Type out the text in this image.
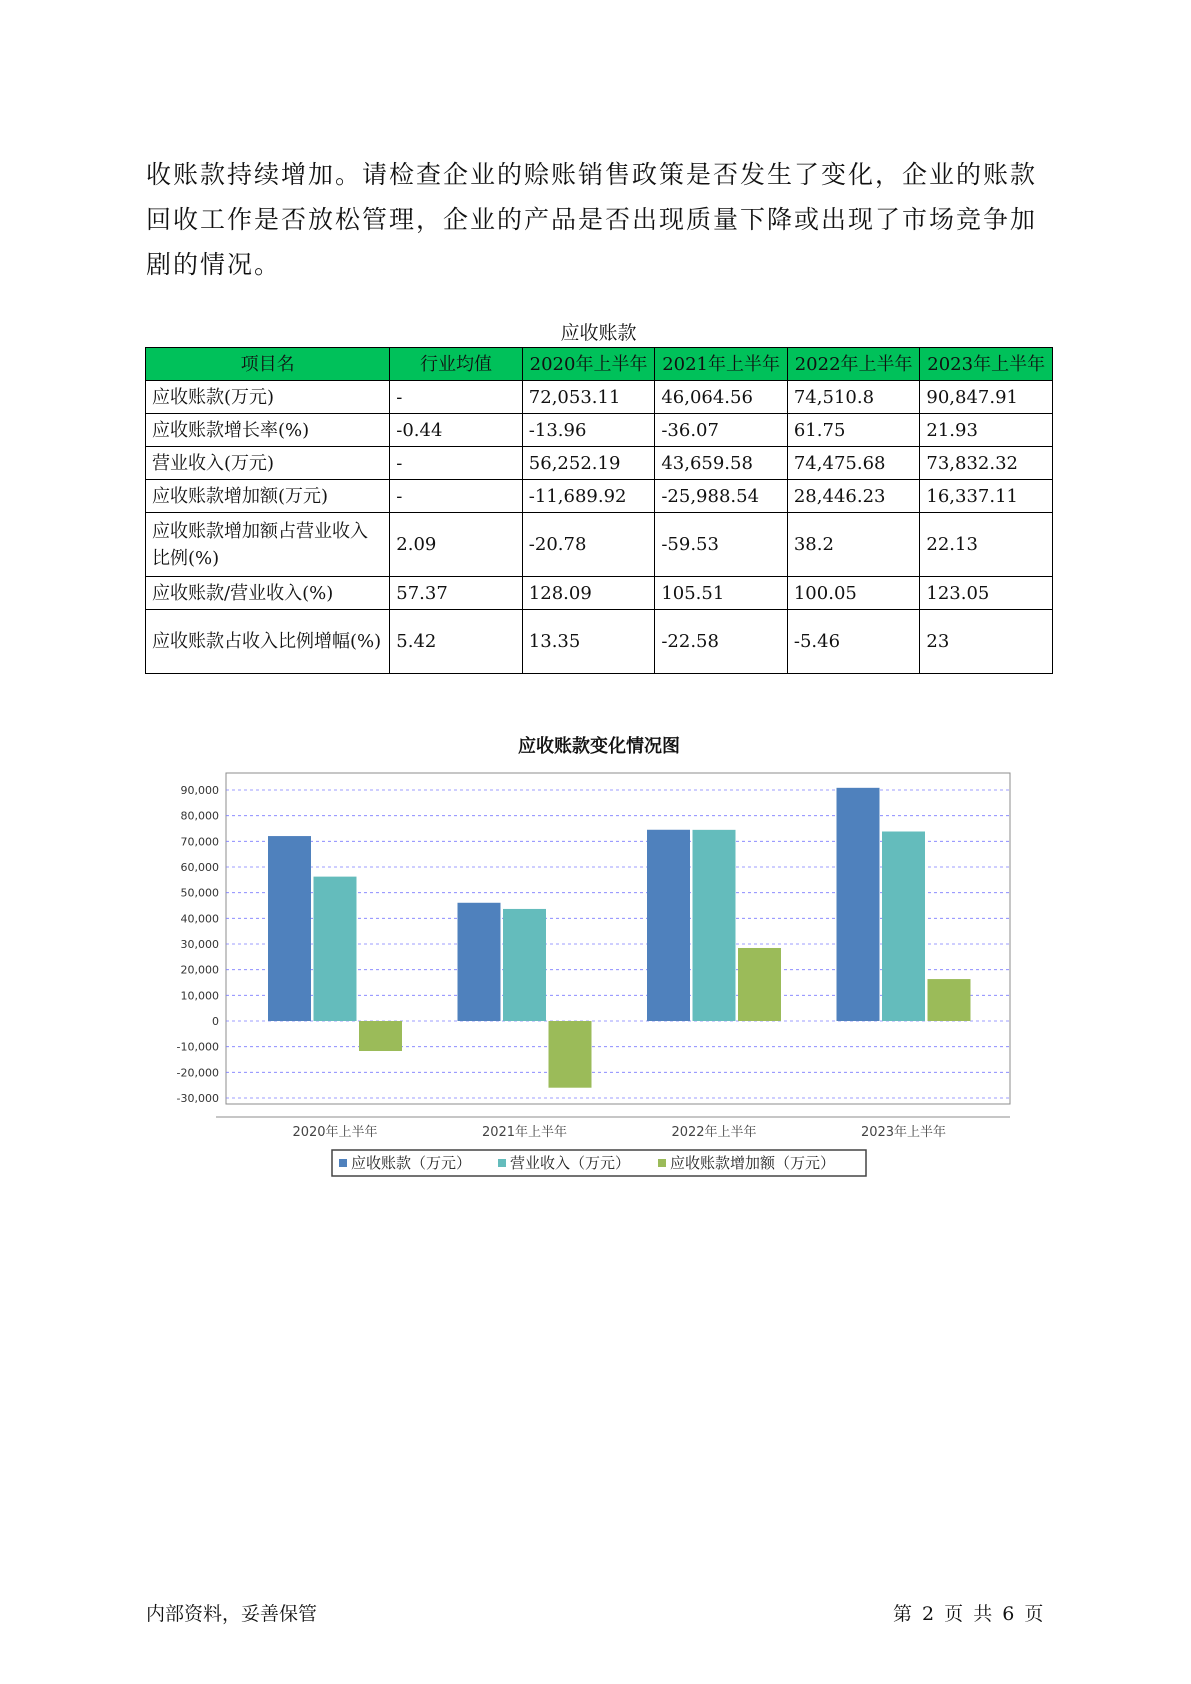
收账款持续增加。请检查企业的赊账销售政策是否发生了变化，企业的账款回收工作是否放松管理，企业的产品是否出现质量下降或出现了市场竞争加剧的情况。

应收账款
项目名	行业均值	2020年上半年	2021年上半年	2022年上半年	2023年上半年
应收账款(万元)	-	72,053.11	46,064.56	74,510.8	90,847.91
应收账款增长率(%)	-0.44	-13.96	-36.07	61.75	21.93
营业收入(万元)	-	56,252.19	43,659.58	74,475.68	73,832.32
应收账款增加额(万元)	-	-11,689.92	-25,988.54	28,446.23	16,337.11
应收账款增加额占营业收入比例(%)	2.09	-20.78	-59.53	38.2	22.13
应收账款/营业收入(%)	57.37	128.09	105.51	100.05	123.05
应收账款占收入比例增幅(%)	5.42	13.35	-22.58	-5.46	23
应收账款变化情况图
90,000
80,000
70,000
60,000
50,000
40,000
30,000
20,000
10,000
0
-10,000
-20,000
-30,000
2020年上半年	2021年上半年	2022年上半年	2023年上半年
应收账款（万元）	营业收入（万元）	应收账款增加额（万元）
内部资料，妥善保管	第 2 页 共 6 页
